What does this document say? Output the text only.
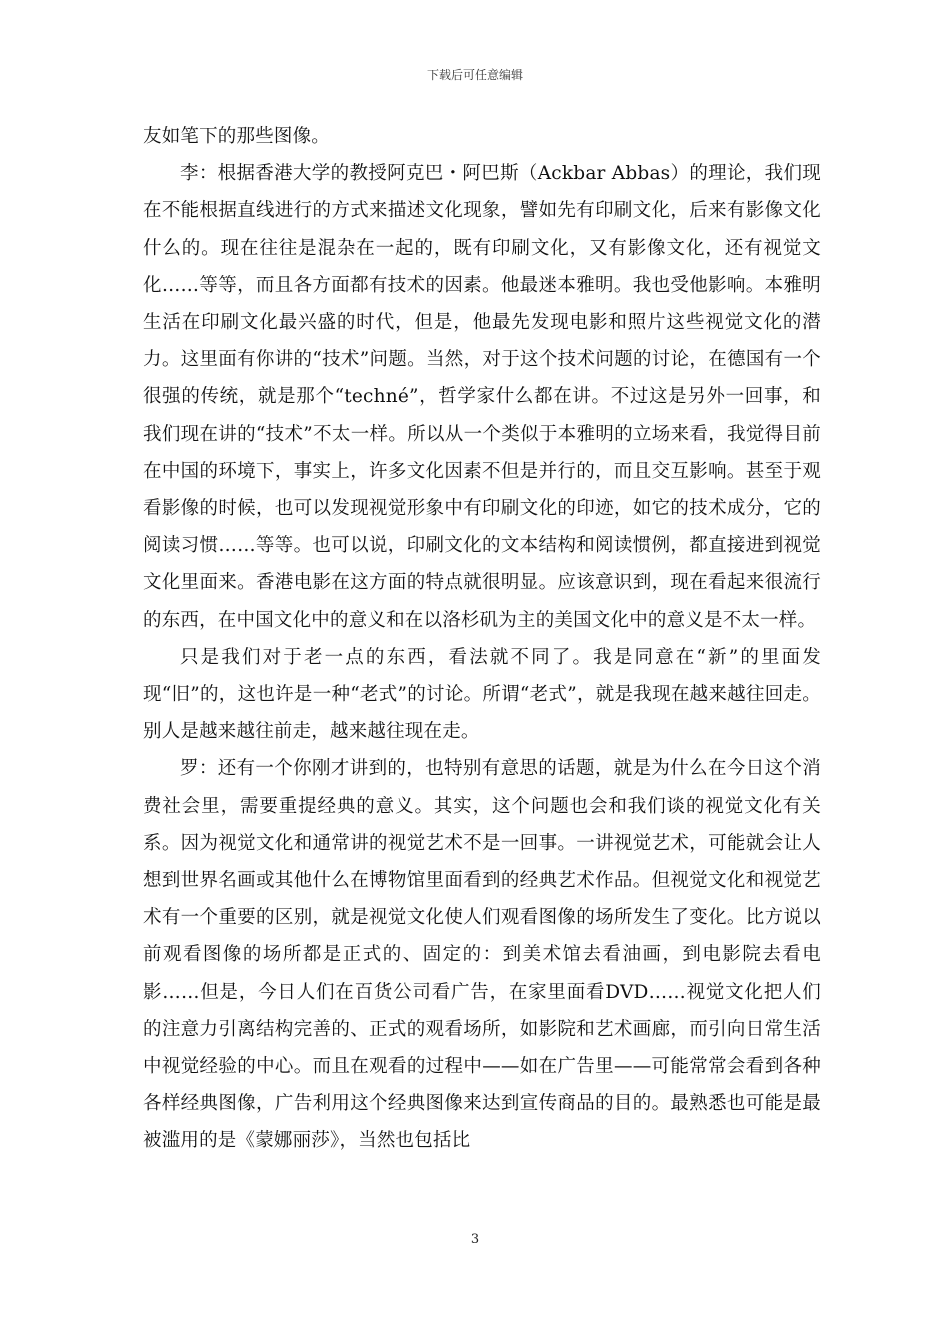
下载后可任意编辑

友如笔下的那些图像。

李：根据香港大学的教授阿克巴・阿巴斯（Ackbar Abbas）的理论，我们现在不能根据直线进行的方式来描述文化现象，譬如先有印刷文化，后来有影像文化什么的。现在往往是混杂在一起的，既有印刷文化，又有影像文化，还有视觉文化……等等，而且各方面都有技术的因素。他最迷本雅明。我也受他影响。本雅明生活在印刷文化最兴盛的时代，但是，他最先发现电影和照片这些视觉文化的潜力。这里面有你讲的“技术”问题。当然，对于这个技术问题的讨论，在德国有一个很强的传统，就是那个“techné”，哲学家什么都在讲。不过这是另外一回事，和我们现在讲的“技术”不太一样。所以从一个类似于本雅明的立场来看，我觉得目前在中国的环境下，事实上，许多文化因素不但是并行的，而且交互影响。甚至于观看影像的时候，也可以发现视觉形象中有印刷文化的印迹，如它的技术成分，它的阅读习惯……等等。也可以说，印刷文化的文本结构和阅读惯例，都直接进到视觉文化里面来。香港电影在这方面的特点就很明显。应该意识到，现在看起来很流行的东西，在中国文化中的意义和在以洛杉矶为主的美国文化中的意义是不太一样。

只是我们对于老一点的东西，看法就不同了。我是同意在“新”的里面发现“旧”的，这也许是一种“老式”的讨论。所谓“老式”，就是我现在越来越往回走。别人是越来越往前走，越来越往现在走。

罗：还有一个你刚才讲到的，也特别有意思的话题，就是为什么在今日这个消费社会里，需要重提经典的意义。其实，这个问题也会和我们谈的视觉文化有关系。因为视觉文化和通常讲的视觉艺术不是一回事。一讲视觉艺术，可能就会让人想到世界名画或其他什么在博物馆里面看到的经典艺术作品。但视觉文化和视觉艺术有一个重要的区别，就是视觉文化使人们观看图像的场所发生了变化。比方说以前观看图像的场所都是正式的、固定的：到美术馆去看油画，到电影院去看电影……但是，今日人们在百货公司看广告，在家里面看DVD……视觉文化把人们的注意力引离结构完善的、正式的观看场所，如影院和艺术画廊，而引向日常生活中视觉经验的中心。而且在观看的过程中——如在广告里——可能常常会看到各种各样经典图像，广告利用这个经典图像来达到宣传商品的目的。最熟悉也可能是最被滥用的是《蒙娜丽莎》，当然也包括比

3
